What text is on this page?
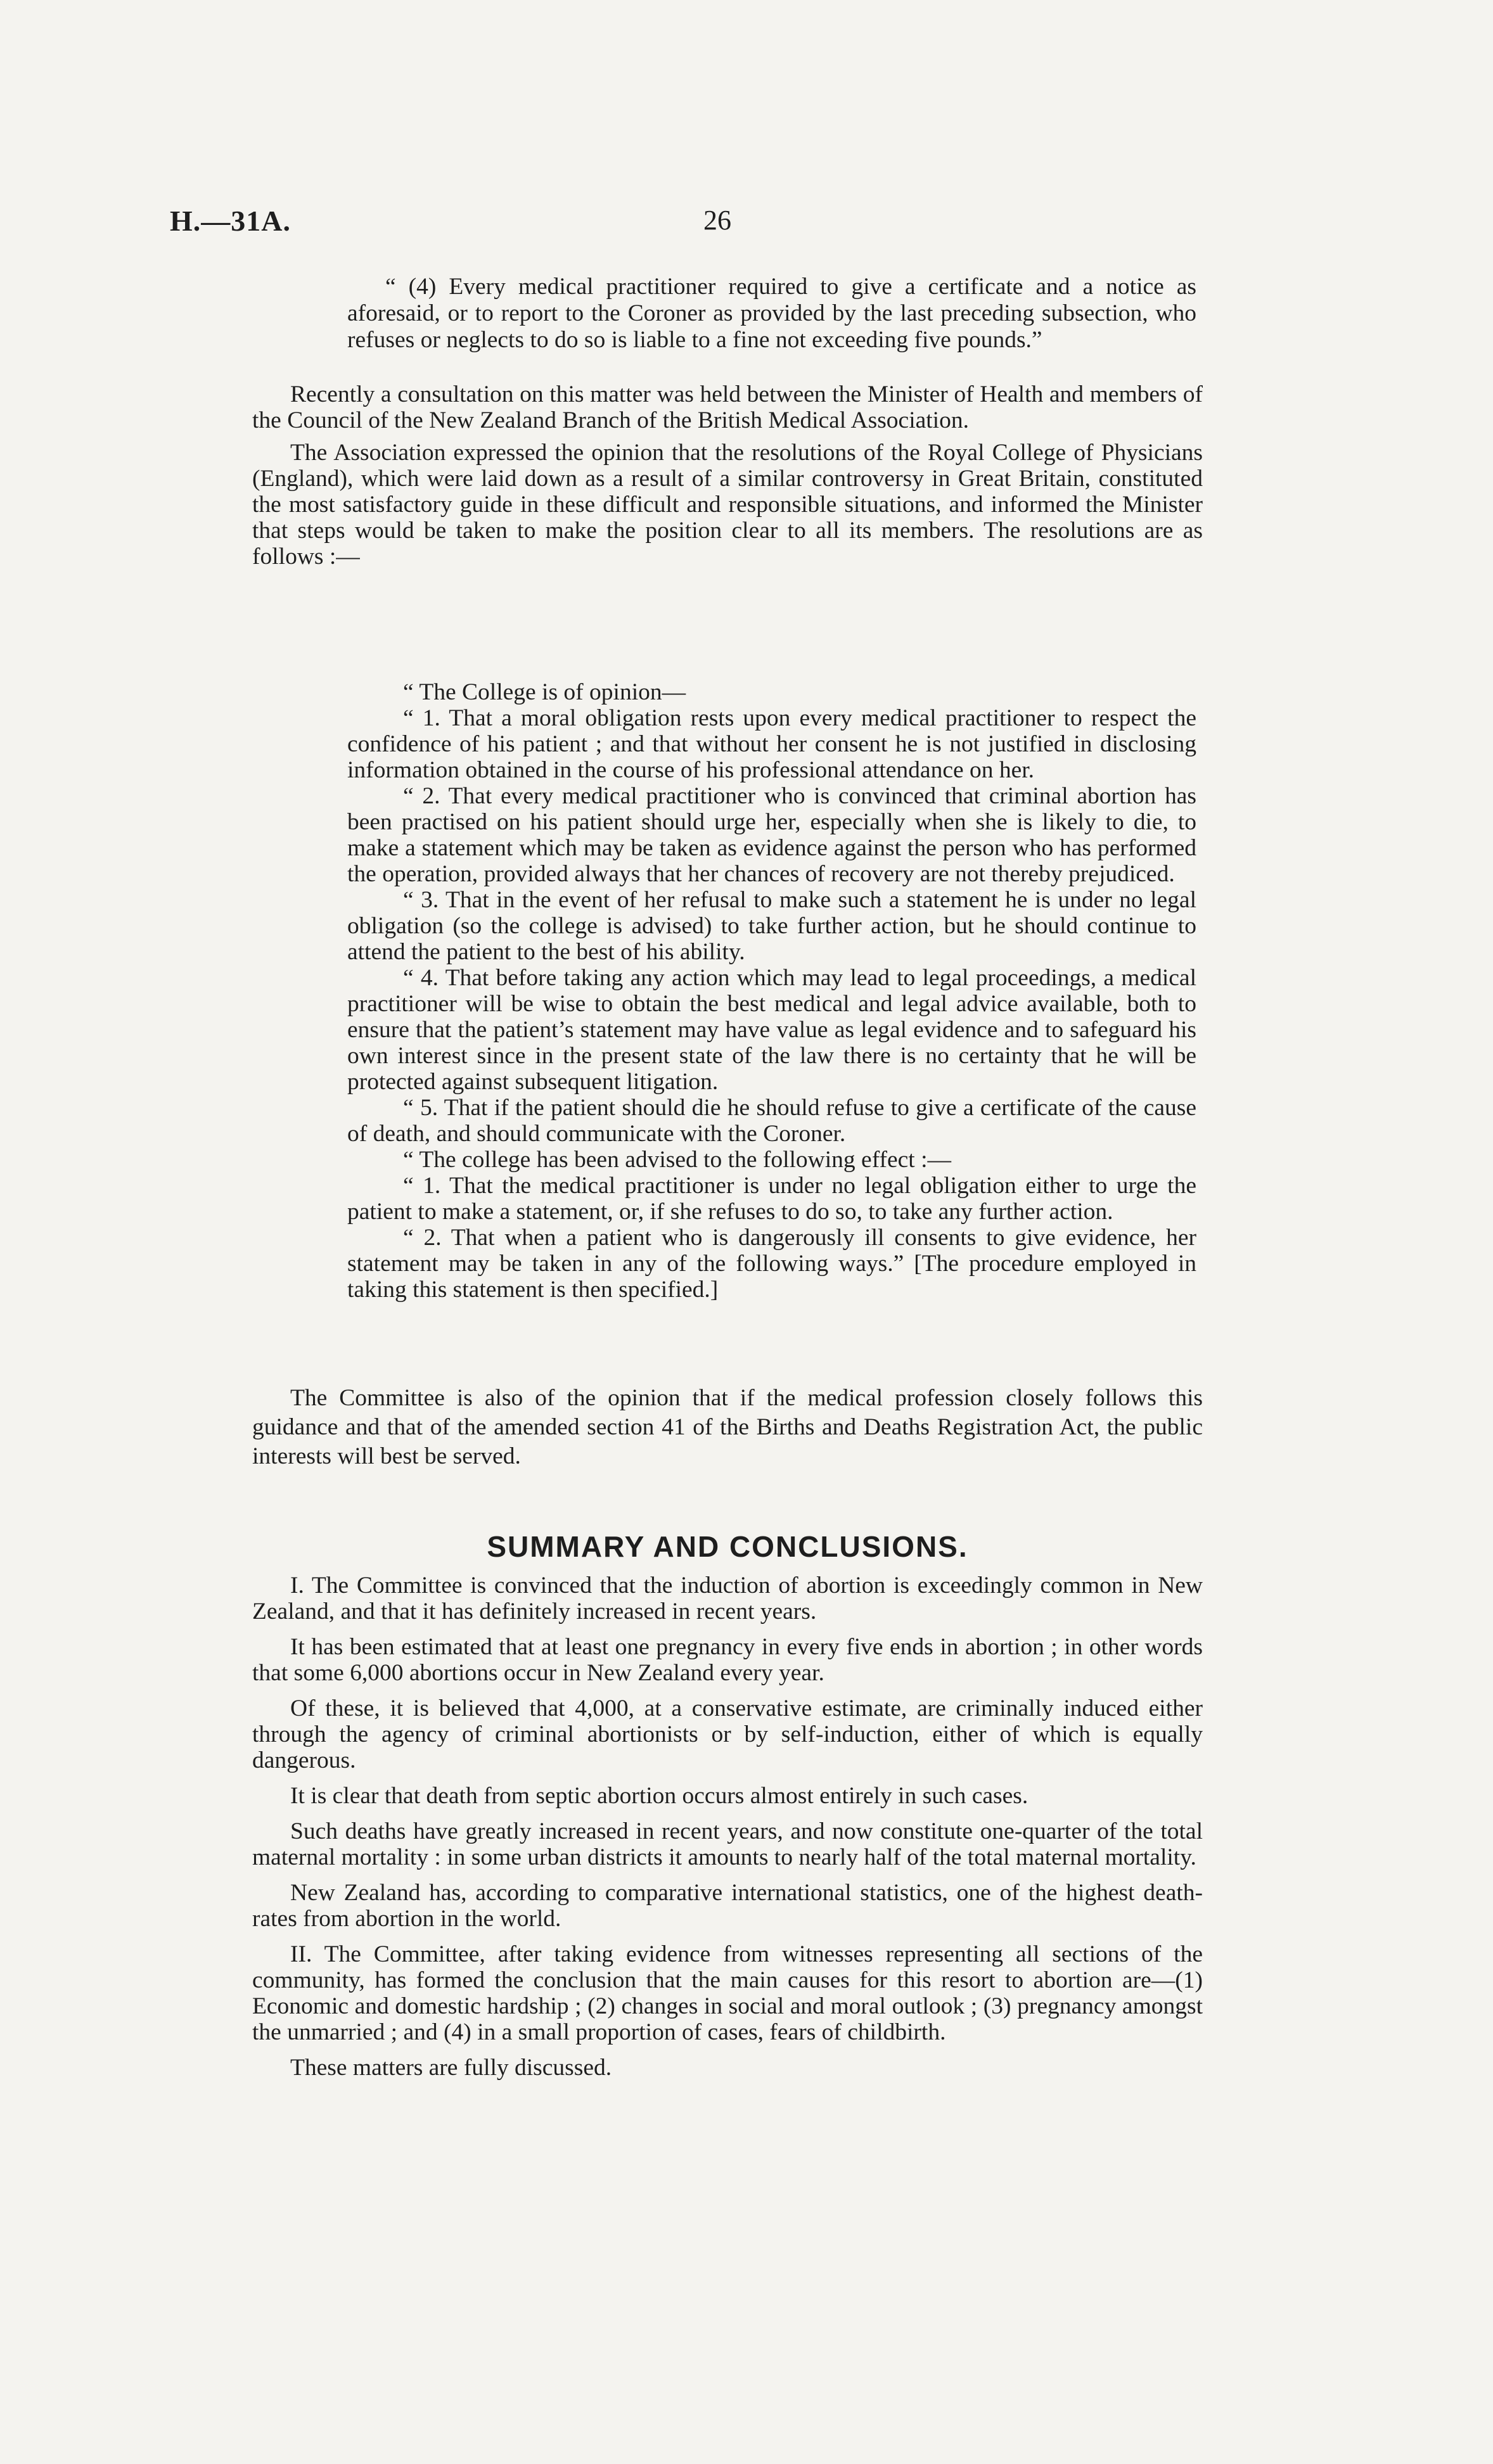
H.—31A.	26

“ (4) Every medical practitioner required to give a certificate and a notice as aforesaid, or to report to the Coroner as provided by the last preceding subsection, who refuses or neglects to do so is liable to a fine not exceeding five pounds.”

Recently a consultation on this matter was held between the Minister of Health and members of the Council of the New Zealand Branch of the British Medical Association.

The Association expressed the opinion that the resolutions of the Royal College of Physicians (England), which were laid down as a result of a similar controversy in Great Britain, constituted the most satisfactory guide in these difficult and responsible situations, and informed the Minister that steps would be taken to make the position clear to all its members. The resolutions are as follows :—

“ The College is of opinion—

“ 1. That a moral obligation rests upon every medical practitioner to respect the confidence of his patient ; and that without her consent he is not justified in disclosing information obtained in the course of his professional attendance on her.

“ 2. That every medical practitioner who is convinced that criminal abortion has been practised on his patient should urge her, especially when she is likely to die, to make a statement which may be taken as evidence against the person who has performed the operation, provided always that her chances of recovery are not thereby prejudiced.

“ 3. That in the event of her refusal to make such a statement he is under no legal obligation (so the college is advised) to take further action, but he should continue to attend the patient to the best of his ability.

“ 4. That before taking any action which may lead to legal proceedings, a medical practitioner will be wise to obtain the best medical and legal advice available, both to ensure that the patient’s statement may have value as legal evidence and to safeguard his own interest since in the present state of the law there is no certainty that he will be protected against subsequent litigation.

“ 5. That if the patient should die he should refuse to give a certificate of the cause of death, and should communicate with the Coroner.

“ The college has been advised to the following effect :—

“ 1. That the medical practitioner is under no legal obligation either to urge the patient to make a statement, or, if she refuses to do so, to take any further action.

“ 2. That when a patient who is dangerously ill consents to give evidence, her statement may be taken in any of the following ways.” [The procedure employed in taking this statement is then specified.]

The Committee is also of the opinion that if the medical profession closely follows this guidance and that of the amended section 41 of the Births and Deaths Registration Act, the public interests will best be served.

SUMMARY AND CONCLUSIONS.

I. The Committee is convinced that the induction of abortion is exceedingly common in New Zealand, and that it has definitely increased in recent years.

It has been estimated that at least one pregnancy in every five ends in abortion ; in other words that some 6,000 abortions occur in New Zealand every year.

Of these, it is believed that 4,000, at a conservative estimate, are criminally induced either through the agency of criminal abortionists or by self-induction, either of which is equally dangerous.

It is clear that death from septic abortion occurs almost entirely in such cases.

Such deaths have greatly increased in recent years, and now constitute one-quarter of the total maternal mortality : in some urban districts it amounts to nearly half of the total maternal mortality.

New Zealand has, according to comparative international statistics, one of the highest death-rates from abortion in the world.

II. The Committee, after taking evidence from witnesses representing all sections of the community, has formed the conclusion that the main causes for this resort to abortion are—(1) Economic and domestic hardship ; (2) changes in social and moral outlook ; (3) pregnancy amongst the unmarried ; and (4) in a small proportion of cases, fears of childbirth.

These matters are fully discussed.
